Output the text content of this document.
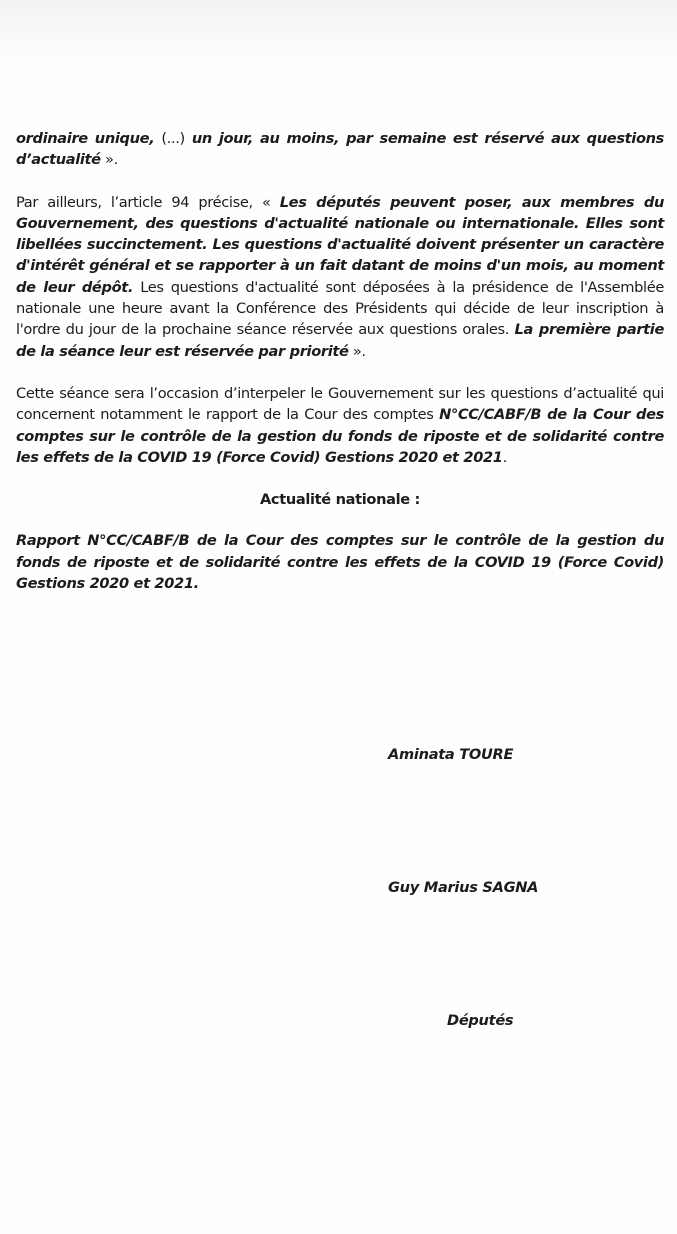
ordinaire unique, (...) un jour, au moins, par semaine est réservé aux questions d’actualité ».

Par ailleurs, l’article 94 précise, « Les députés peuvent poser, aux membres du Gouvernement, des questions d'actualité nationale ou internationale. Elles sont libellées succinctement. Les questions d'actualité doivent présenter un caractère d'intérêt général et se rapporter à un fait datant de moins d'un mois, au moment de leur dépôt. Les questions d'actualité sont déposées à la présidence de l'Assemblée nationale une heure avant la Conférence des Présidents qui décide de leur inscription à l'ordre du jour de la prochaine séance réservée aux questions orales. La première partie de la séance leur est réservée par priorité ».

Cette séance sera l’occasion d’interpeler le Gouvernement sur les questions d’actualité qui concernent notamment le rapport de la Cour des comptes N°CC/CABF/B de la Cour des comptes sur le contrôle de la gestion du fonds de riposte et de solidarité contre les effets de la COVID 19 (Force Covid) Gestions 2020 et 2021.

Actualité nationale :

Rapport N°CC/CABF/B de la Cour des comptes sur le contrôle de la gestion du fonds de riposte et de solidarité contre les effets de la COVID 19 (Force Covid) Gestions 2020 et 2021.

Aminata TOURE
Guy Marius SAGNA
Députés
